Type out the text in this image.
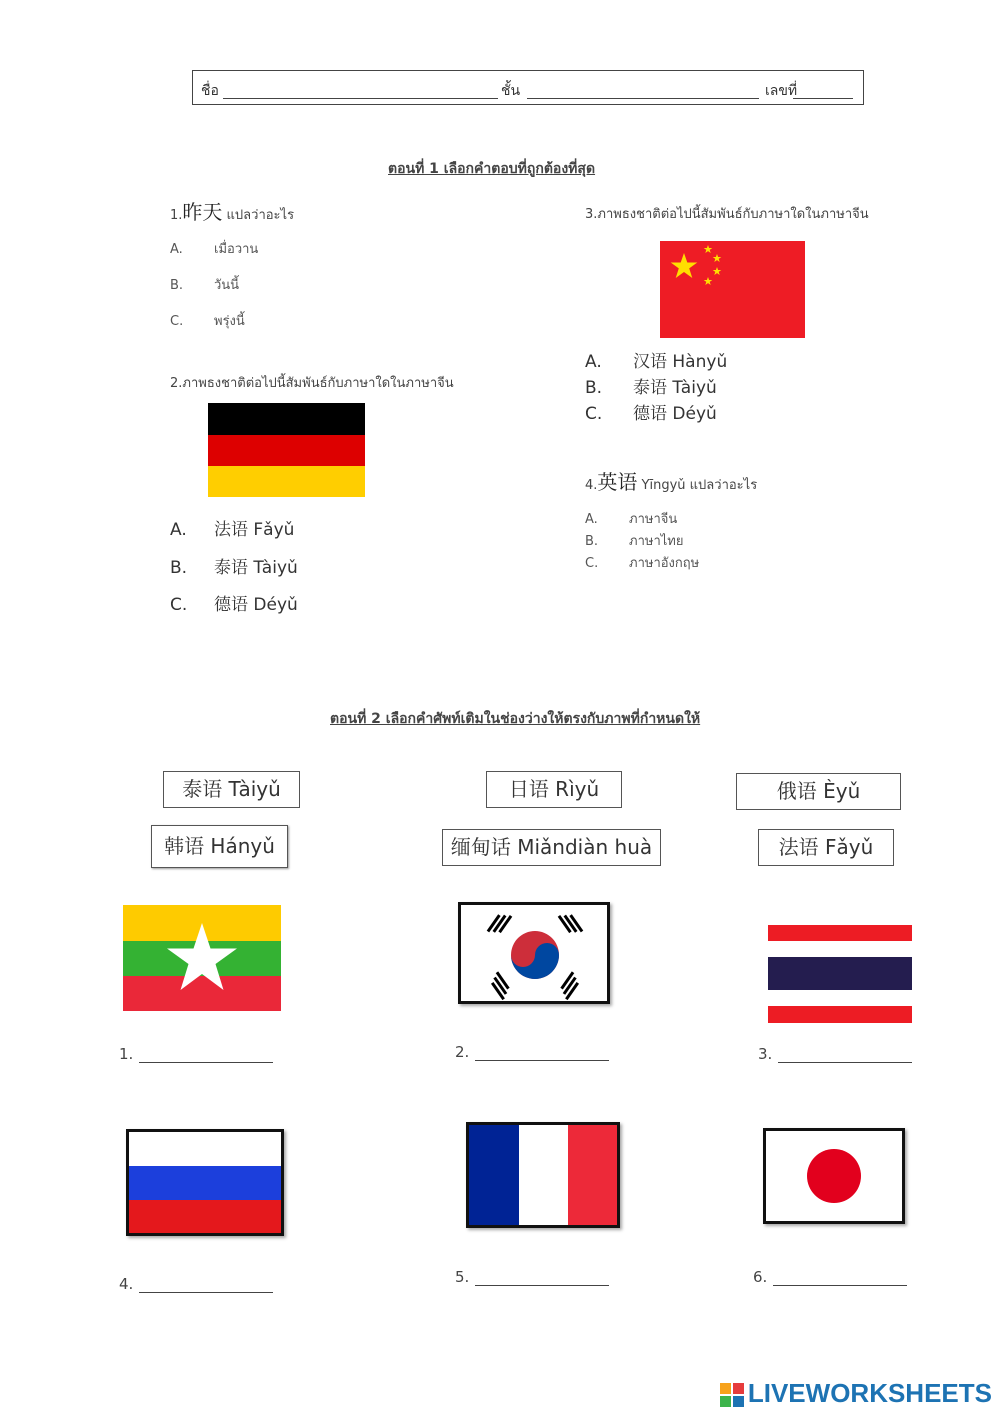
ชื่อ	ชั้น	เลขที่
ตอนที่ 1 เลือกคำตอบที่ถูกต้องที่สุด
1.昨天 แปลว่าอะไร
A. เมื่อวาน
B. วันนี้
C. พรุ่งนี้
2.ภาพธงชาติต่อไปนี้สัมพันธ์กับภาษาใดในภาษาจีน
A. 法语 Fǎyǔ
B. 泰语 Tàiyǔ
C. 德语 Déyǔ
3.ภาพธงชาติต่อไปนี้สัมพันธ์กับภาษาใดในภาษาจีน
A. 汉语 Hànyǔ
B. 泰语 Tàiyǔ
C. 德语 Déyǔ
4.英语 Yīngyǔ แปลว่าอะไร
A. ภาษาจีน
B. ภาษาไทย
C. ภาษาอังกฤษ
ตอนที่ 2 เลือกคำศัพท์เติมในช่องว่างให้ตรงกับภาพที่กำหนดให้
泰语 Tàiyǔ	日语 Rìyǔ	俄语 Èyǔ
韩语 Hányǔ	缅甸话 Miǎndiàn huà	法语 Fǎyǔ
1.	2.	3.
4.	5.	6.
LIVEWORKSHEETS
